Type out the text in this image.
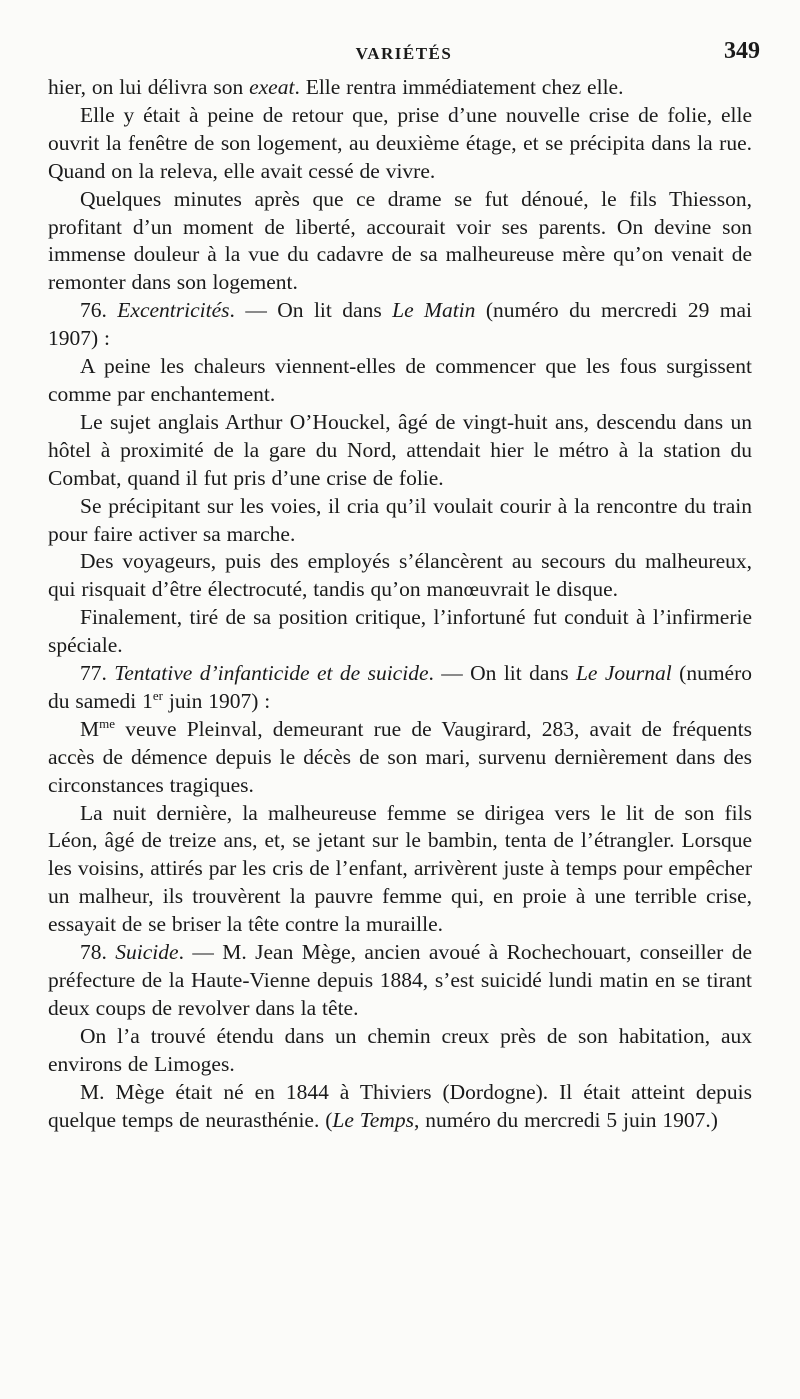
VARIÉTÉS	349

hier, on lui délivra son exeat. Elle rentra immédiatement chez elle.

Elle y était à peine de retour que, prise d’une nouvelle crise de folie, elle ouvrit la fenêtre de son logement, au deuxième étage, et se précipita dans la rue. Quand on la releva, elle avait cessé de vivre.

Quelques minutes après que ce drame se fut dénoué, le fils Thiesson, profitant d’un moment de liberté, accourait voir ses parents. On devine son immense douleur à la vue du cadavre de sa malheureuse mère qu’on venait de remonter dans son logement.

76. Excentricités. — On lit dans Le Matin (numéro du mercredi 29 mai 1907) :

A peine les chaleurs viennent-elles de commencer que les fous surgissent comme par enchantement.

Le sujet anglais Arthur O’Houckel, âgé de vingt-huit ans, descendu dans un hôtel à proximité de la gare du Nord, attendait hier le métro à la station du Combat, quand il fut pris d’une crise de folie.

Se précipitant sur les voies, il cria qu’il voulait courir à la rencontre du train pour faire activer sa marche.

Des voyageurs, puis des employés s’élancèrent au secours du malheureux, qui risquait d’être électrocuté, tandis qu’on manœuvrait le disque.

Finalement, tiré de sa position critique, l’infortuné fut conduit à l’infirmerie spéciale.

77. Tentative d’infanticide et de suicide. — On lit dans Le Journal (numéro du samedi 1er juin 1907) :

$M^{me}$ veuve Pleinval, demeurant rue de Vaugirard, 283, avait de fréquents accès de démence depuis le décès de son mari, survenu dernièrement dans des circonstances tragiques.

La nuit dernière, la malheureuse femme se dirigea vers le lit de son fils Léon, âgé de treize ans, et, se jetant sur le bambin, tenta de l’étrangler. Lorsque les voisins, attirés par les cris de l’enfant, arrivèrent juste à temps pour empêcher un malheur, ils trouvèrent la pauvre femme qui, en proie à une terrible crise, essayait de se briser la tête contre la muraille.

78. Suicide. — M. Jean Mège, ancien avoué à Rochechouart, conseiller de préfecture de la Haute-Vienne depuis 1884, s’est suicidé lundi matin en se tirant deux coups de revolver dans la tête.

On l’a trouvé étendu dans un chemin creux près de son habitation, aux environs de Limoges.

M. Mège était né en 1844 à Thiviers (Dordogne). Il était atteint depuis quelque temps de neurasthénie. (Le Temps, numéro du mercredi 5 juin 1907.)
